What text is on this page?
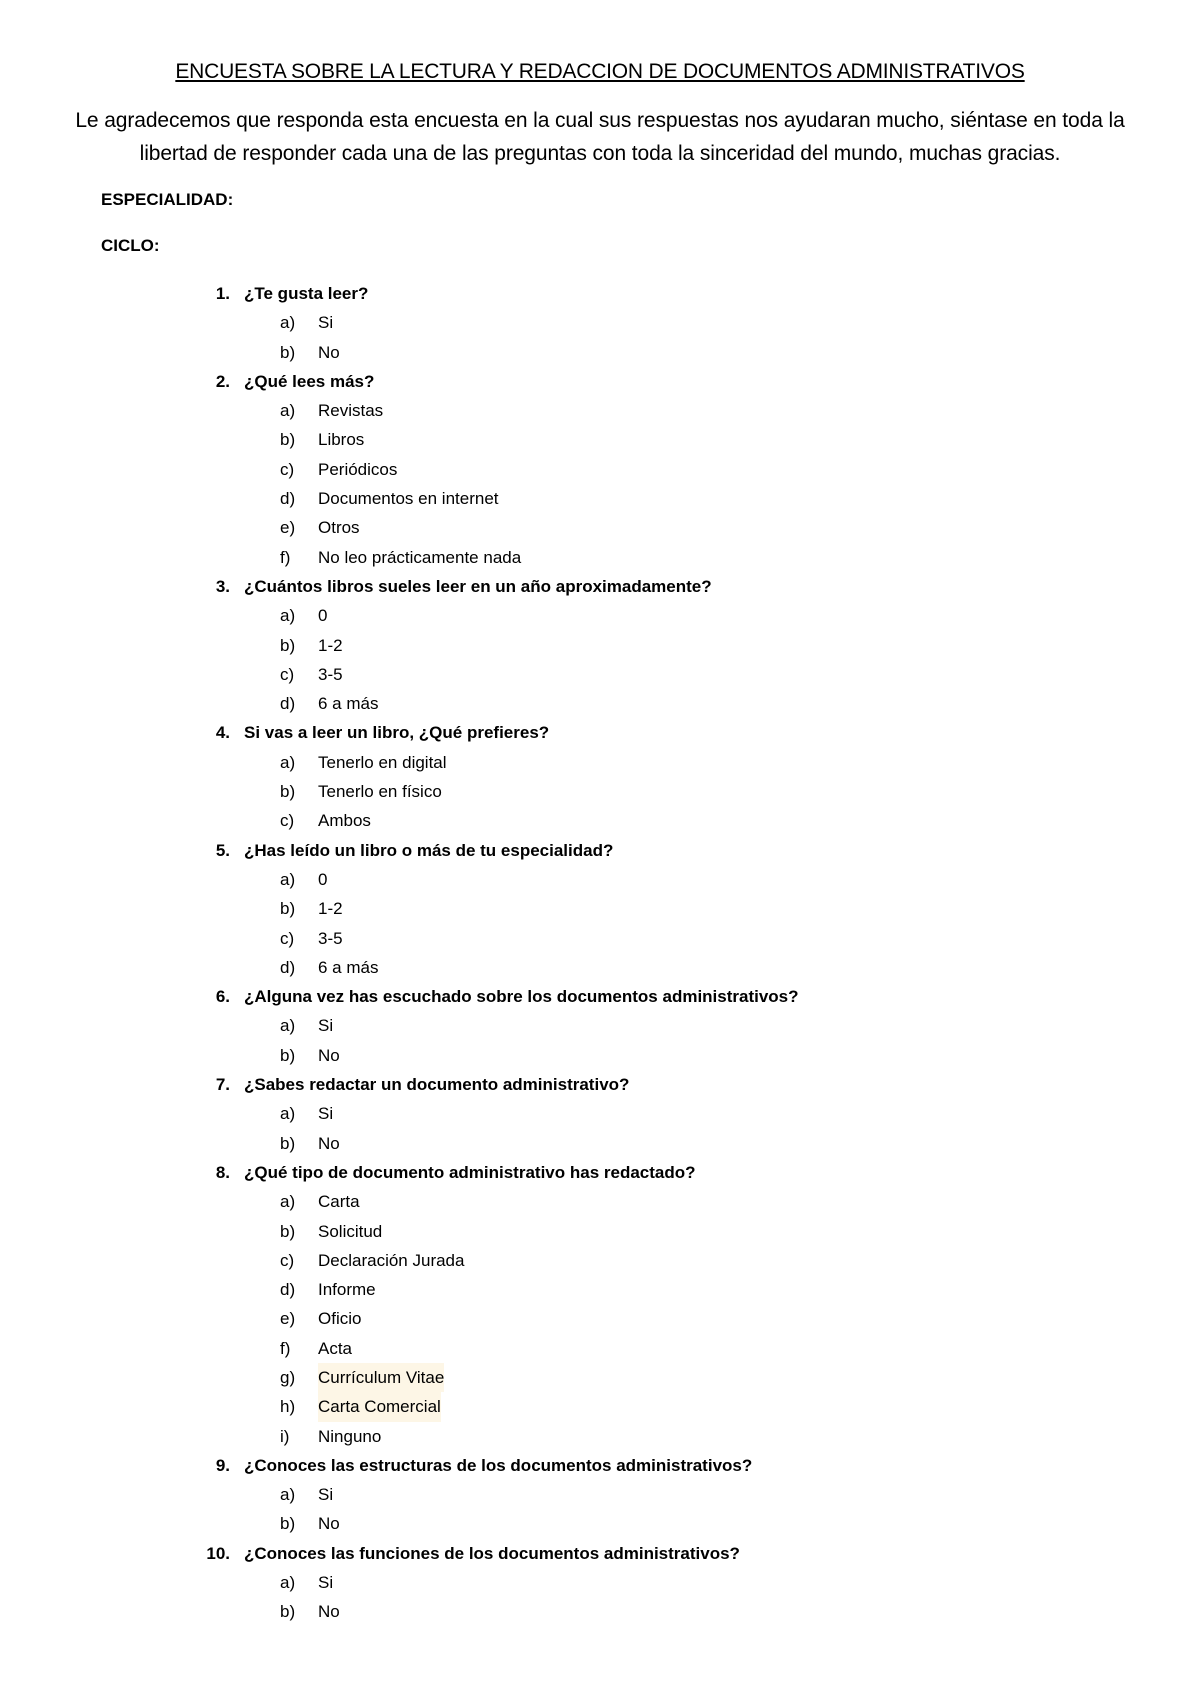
ENCUESTA SOBRE LA LECTURA Y REDACCION DE DOCUMENTOS ADMINISTRATIVOS
Le agradecemos que responda esta encuesta en la cual sus respuestas nos ayudaran mucho, siéntase en toda la libertad de responder cada una de las preguntas con toda la sinceridad del mundo, muchas gracias.
ESPECIALIDAD:
CICLO:
1. ¿Te gusta leer?
a)	Si
b)	No
2. ¿Qué lees más?
a)	Revistas
b)	Libros
c)	Periódicos
d)	Documentos en internet
e)	Otros
f)	No leo prácticamente nada
3. ¿Cuántos libros sueles leer en un año aproximadamente?
a)	0
b)	1-2
c)	3-5
d)	6 a más
4. Si vas a leer un libro, ¿Qué prefieres?
a)	Tenerlo en digital
b)	Tenerlo en físico
c)	Ambos
5. ¿Has leído un libro o más de tu especialidad?
a)	0
b)	1-2
c)	3-5
d)	6 a más
6. ¿Alguna vez has escuchado sobre los documentos administrativos?
a)	Si
b)	No
7. ¿Sabes redactar un documento administrativo?
a)	Si
b)	No
8. ¿Qué tipo de documento administrativo has redactado?
a)	Carta
b)	Solicitud
c)	Declaración Jurada
d)	Informe
e)	Oficio
f)	Acta
g)	Currículum Vitae
h)	Carta Comercial
i)	Ninguno
9. ¿Conoces las estructuras de los documentos administrativos?
a)	Si
b)	No
10. ¿Conoces las funciones de los documentos administrativos?
a)	Si
b)	No
